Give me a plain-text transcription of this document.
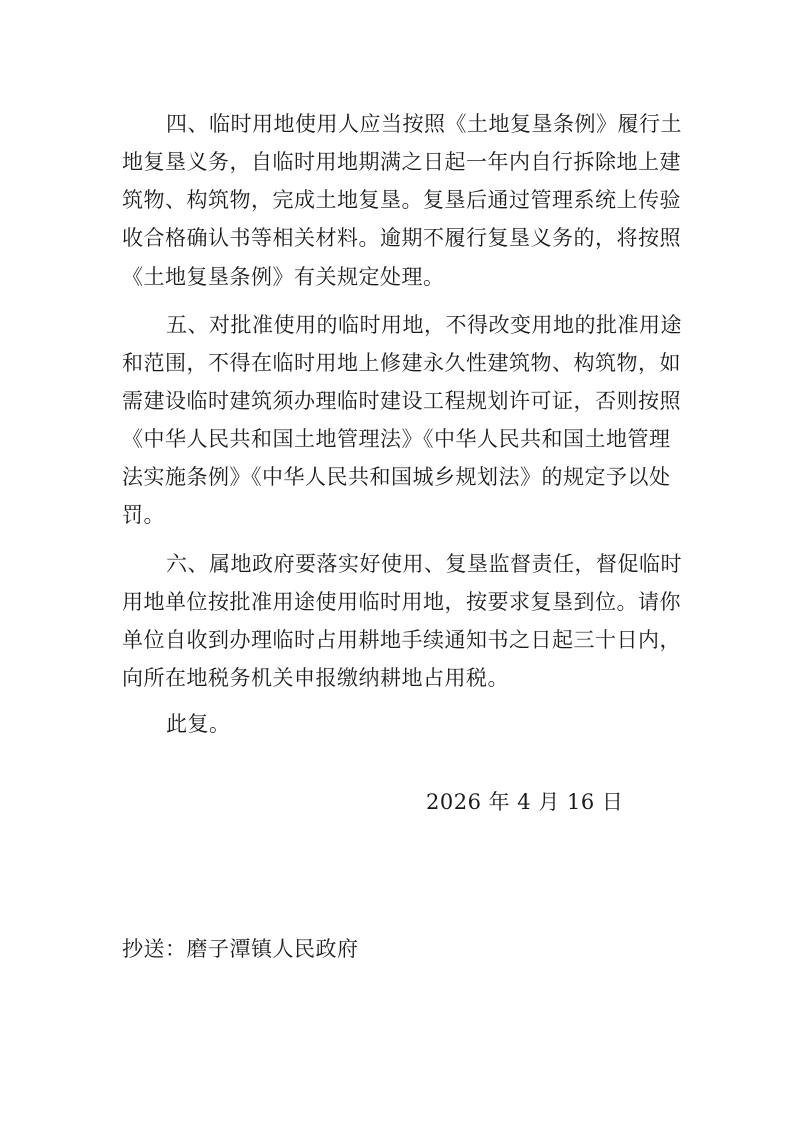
四、临时用地使用人应当按照《土地复垦条例》履行土
地复垦义务，自临时用地期满之日起一年内自行拆除地上建
筑物、构筑物，完成土地复垦。复垦后通过管理系统上传验
收合格确认书等相关材料。逾期不履行复垦义务的，将按照
《土地复垦条例》有关规定处理。
五、对批准使用的临时用地，不得改变用地的批准用途
和范围，不得在临时用地上修建永久性建筑物、构筑物，如
需建设临时建筑须办理临时建设工程规划许可证，否则按照
《中华人民共和国土地管理法》《中华人民共和国土地管理
法实施条例》《中华人民共和国城乡规划法》的规定予以处
罚。
六、属地政府要落实好使用、复垦监督责任，督促临时
用地单位按批准用途使用临时用地，按要求复垦到位。请你
单位自收到办理临时占用耕地手续通知书之日起三十日内，
向所在地税务机关申报缴纳耕地占用税。
此复。
2026 年 4 月 16 日
抄送：磨子潭镇人民政府
